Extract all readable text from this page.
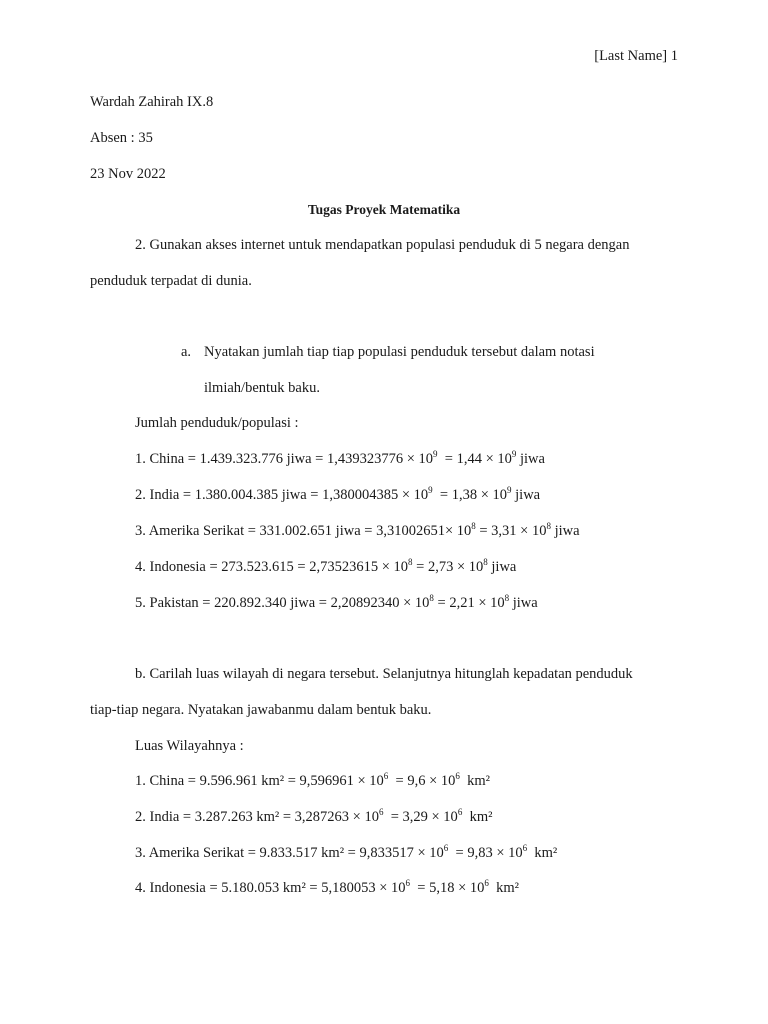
[Last Name] 1
Wardah Zahirah IX.8
Absen : 35
23 Nov 2022
Tugas Proyek Matematika
2. Gunakan akses internet untuk mendapatkan populasi penduduk di 5 negara dengan
penduduk terpadat di dunia.
a. Nyatakan jumlah tiap tiap populasi penduduk tersebut dalam notasi
ilmiah/bentuk baku.
Jumlah penduduk/populasi :
1. China = 1.439.323.776 jiwa = $1,439323776 \times 10^9 = 1,44 \times 10^9$ jiwa
2. India = 1.380.004.385 jiwa = $1,380004385 \times 10^9 = 1,38 \times 10^9$ jiwa
3. Amerika Serikat = 331.002.651 jiwa = $3,31002651\times 10^8 = 3,31 \times 10^8$ jiwa
4. Indonesia = $273.523.615 = 2,73523615 \times 10^8 = 2,73 \times 10^8$ jiwa
5. Pakistan = 220.892.340 jiwa = $2,20892340 \times 10^8 = 2,21 \times 10^8$ jiwa
b. Carilah luas wilayah di negara tersebut. Selanjutnya hitunglah kepadatan penduduk
tiap-tiap negara. Nyatakan jawabanmu dalam bentuk baku.
Luas Wilayahnya :
1. China = 9.596.961 $km^2 = 9,596961 \times 10^6 = 9,6 \times 10^6$  km²
2. India = 3.287.263 $km^2 = 3,287263 \times 10^6 = 3,29 \times 10^6$  km²
3. Amerika Serikat = 9.833.517 $km^2 = 9,833517 \times 10^6 = 9,83 \times 10^6$  km²
4. Indonesia = 5.180.053 $km^2 = 5,180053 \times 10^6 = 5,18 \times 10^6$  km²
